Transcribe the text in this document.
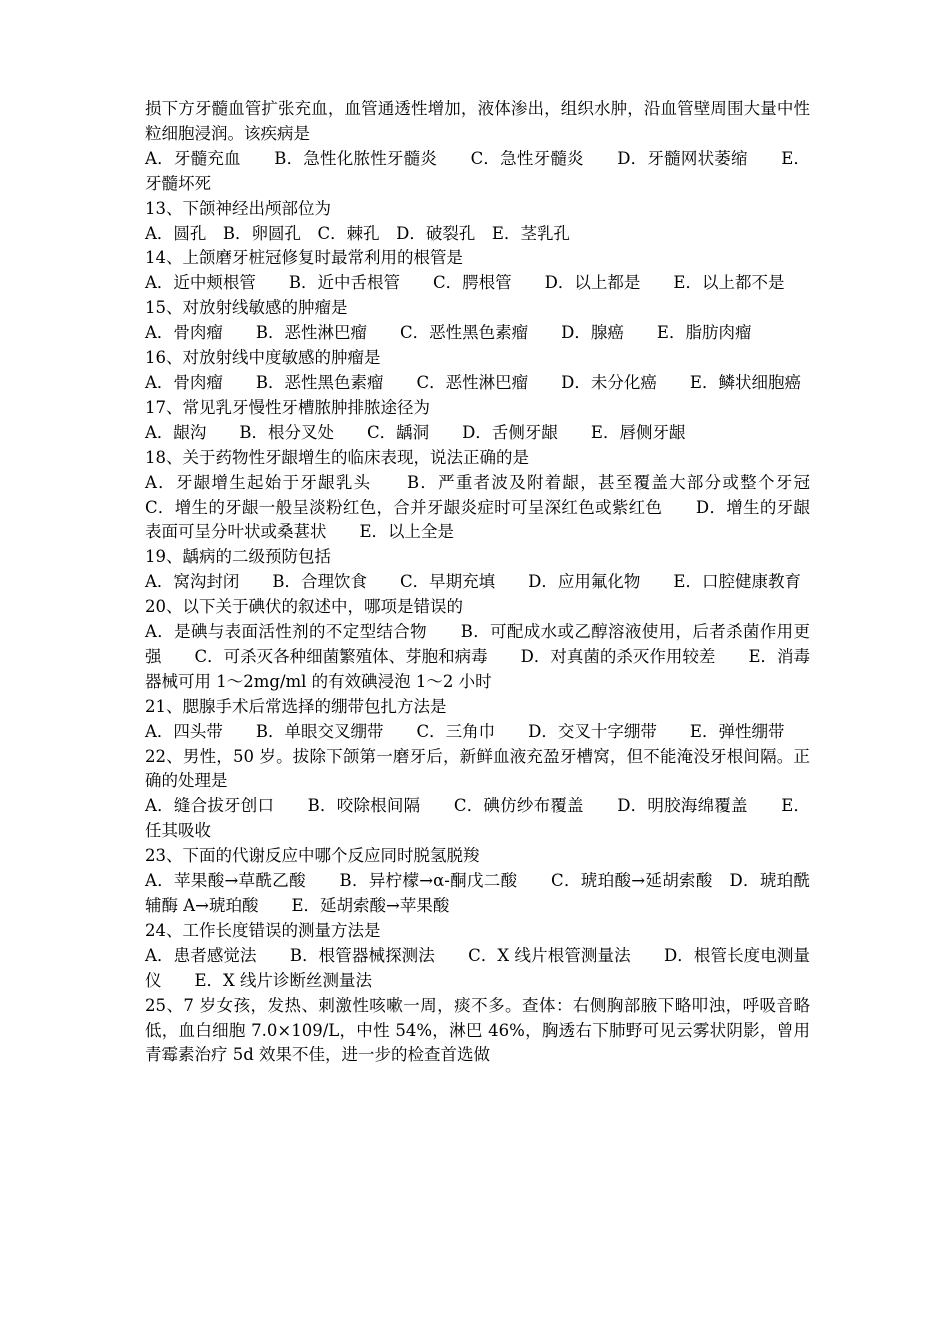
损下方牙髓血管扩张充血，血管通透性增加，液体渗出，组织水肿，沿血管壁周围大量中性粒细胞浸润。该疾病是

A．牙髓充血　　B．急性化脓性牙髓炎　　C．急性牙髓炎　　D．牙髓网状萎缩　　E．牙髓坏死

13、下颌神经出颅部位为

A．圆孔　B．卵圆孔　C．棘孔　D．破裂孔　E．茎乳孔

14、上颌磨牙桩冠修复时最常利用的根管是

A．近中颊根管　　B．近中舌根管　　C．腭根管　　D．以上都是　　E．以上都不是

15、对放射线敏感的肿瘤是

A．骨肉瘤　　B．恶性淋巴瘤　　C．恶性黑色素瘤　　D．腺癌　　E．脂肪肉瘤

16、对放射线中度敏感的肿瘤是

A．骨肉瘤　　B．恶性黑色素瘤　　C．恶性淋巴瘤　　D．未分化癌　　E．鳞状细胞癌

17、常见乳牙慢性牙槽脓肿排脓途径为

A．龈沟　　B．根分叉处　　C．龋洞　　D．舌侧牙龈　　E．唇侧牙龈

18、关于药物性牙龈增生的临床表现，说法正确的是

A．牙龈增生起始于牙龈乳头　　B．严重者波及附着龈，甚至覆盖大部分或整个牙冠　　C．增生的牙龈一般呈淡粉红色，合并牙龈炎症时可呈深红色或紫红色　　D．增生的牙龈表面可呈分叶状或桑葚状　　E．以上全是

19、龋病的二级预防包括

A．窝沟封闭　　B．合理饮食　　C．早期充填　　D．应用氟化物　　E．口腔健康教育

20、以下关于碘伏的叙述中，哪项是错误的

A．是碘与表面活性剂的不定型结合物　　B．可配成水或乙醇溶液使用，后者杀菌作用更强　　C．可杀灭各种细菌繁殖体、芽胞和病毒　　D．对真菌的杀灭作用较差　　E．消毒器械可用 1～2mg/ml 的有效碘浸泡 1～2 小时

21、腮腺手术后常选择的绷带包扎方法是

A．四头带　　B．单眼交叉绷带　　C．三角巾　　D．交叉十字绷带　　E．弹性绷带

22、男性，50 岁。拔除下颌第一磨牙后，新鲜血液充盈牙槽窝，但不能淹没牙根间隔。正确的处理是

A．缝合拔牙创口　　B．咬除根间隔　　C．碘仿纱布覆盖　　D．明胶海绵覆盖　　E．任其吸收

23、下面的代谢反应中哪个反应同时脱氢脱羧

A．苹果酸→草酰乙酸　　B．异柠檬→α-酮戊二酸　　C．琥珀酸→延胡索酸　D．琥珀酰辅酶 A→琥珀酸　　E．延胡索酸→苹果酸

24、工作长度错误的测量方法是

A．患者感觉法　　B．根管器械探测法　　C．X 线片根管测量法　　D．根管长度电测量仪　　E．X 线片诊断丝测量法

25、7 岁女孩，发热、刺激性咳嗽一周，痰不多。查体：右侧胸部腋下略叩浊，呼吸音略低，血白细胞 7.0×109/L，中性 54%，淋巴 46%，胸透右下肺野可见云雾状阴影，曾用青霉素治疗 5d 效果不佳，进一步的检查首选做
